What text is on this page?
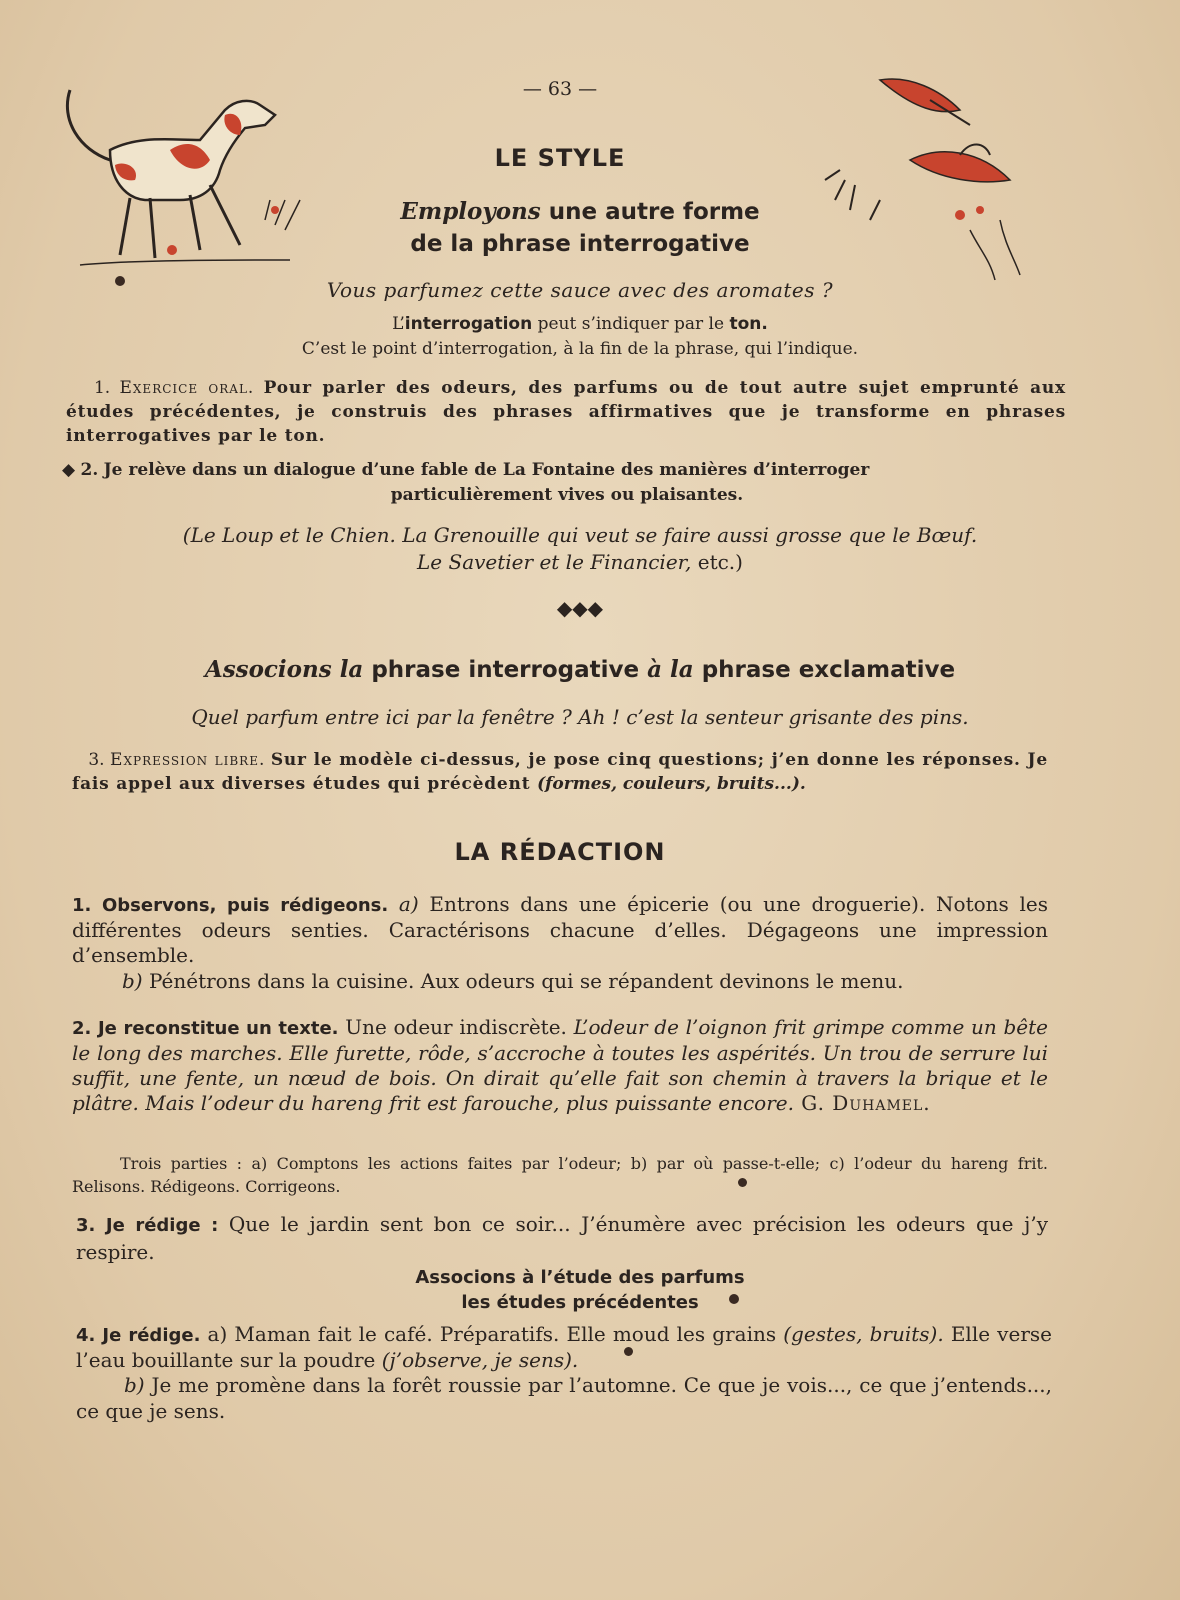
— 63 —
LE STYLE
Employons une autre forme
de la phrase interrogative
Vous parfumez cette sauce avec des aromates ?
L’interrogation peut s’indiquer par le ton.
C’est le point d’interrogation, à la fin de la phrase, qui l’indique.
1. Exercice oral. Pour parler des odeurs, des parfums ou de tout autre sujet emprunté aux études précédentes, je construis des phrases affirmatives que je transforme en phrases interrogatives par le ton.
◆ 2. Je relève dans un dialogue d’une fable de La Fontaine des manières d’interroger

particulièrement vives ou plaisantes.
(Le Loup et le Chien. La Grenouille qui veut se faire aussi grosse que le Bœuf.
Le Savetier et le Financier, etc.)
◆◆◆
Associons la phrase interrogative à la phrase exclamative
Quel parfum entre ici par la fenêtre ? Ah ! c’est la senteur grisante des pins.
3. Expression libre. Sur le modèle ci-dessus, je pose cinq questions; j’en donne les réponses. Je fais appel aux diverses études qui précèdent (formes, couleurs, bruits...).
LA RÉDACTION
1. Observons, puis rédigeons. a) Entrons dans une épicerie (ou une droguerie). Notons les différentes odeurs senties. Caractérisons chacune d’elles. Dégageons une impression d’ensemble.
b) Pénétrons dans la cuisine. Aux odeurs qui se répandent devinons le menu.
2. Je reconstitue un texte. Une odeur indiscrète. L’odeur de l’oignon frit grimpe comme un bête le long des marches. Elle furette, rôde, s’accroche à toutes les aspérités. Un trou de serrure lui suffit, une fente, un nœud de bois. On dirait qu’elle fait son chemin à travers la brique et le plâtre. Mais l’odeur du hareng frit est farouche, plus puissante encore. G. Duhamel.
Trois parties : a) Comptons les actions faites par l’odeur; b) par où passe-t-elle; c) l’odeur du hareng frit. Relisons. Rédigeons. Corrigeons.
3. Je rédige : Que le jardin sent bon ce soir... J’énumère avec précision les odeurs que j’y respire.
Associons à l’étude des parfums
les études précédentes
4. Je rédige. a) Maman fait le café. Préparatifs. Elle moud les grains (gestes, bruits). Elle verse l’eau bouillante sur la poudre (j’observe, je sens).
b) Je me promène dans la forêt roussie par l’automne. Ce que je vois..., ce que j’entends..., ce que je sens.
